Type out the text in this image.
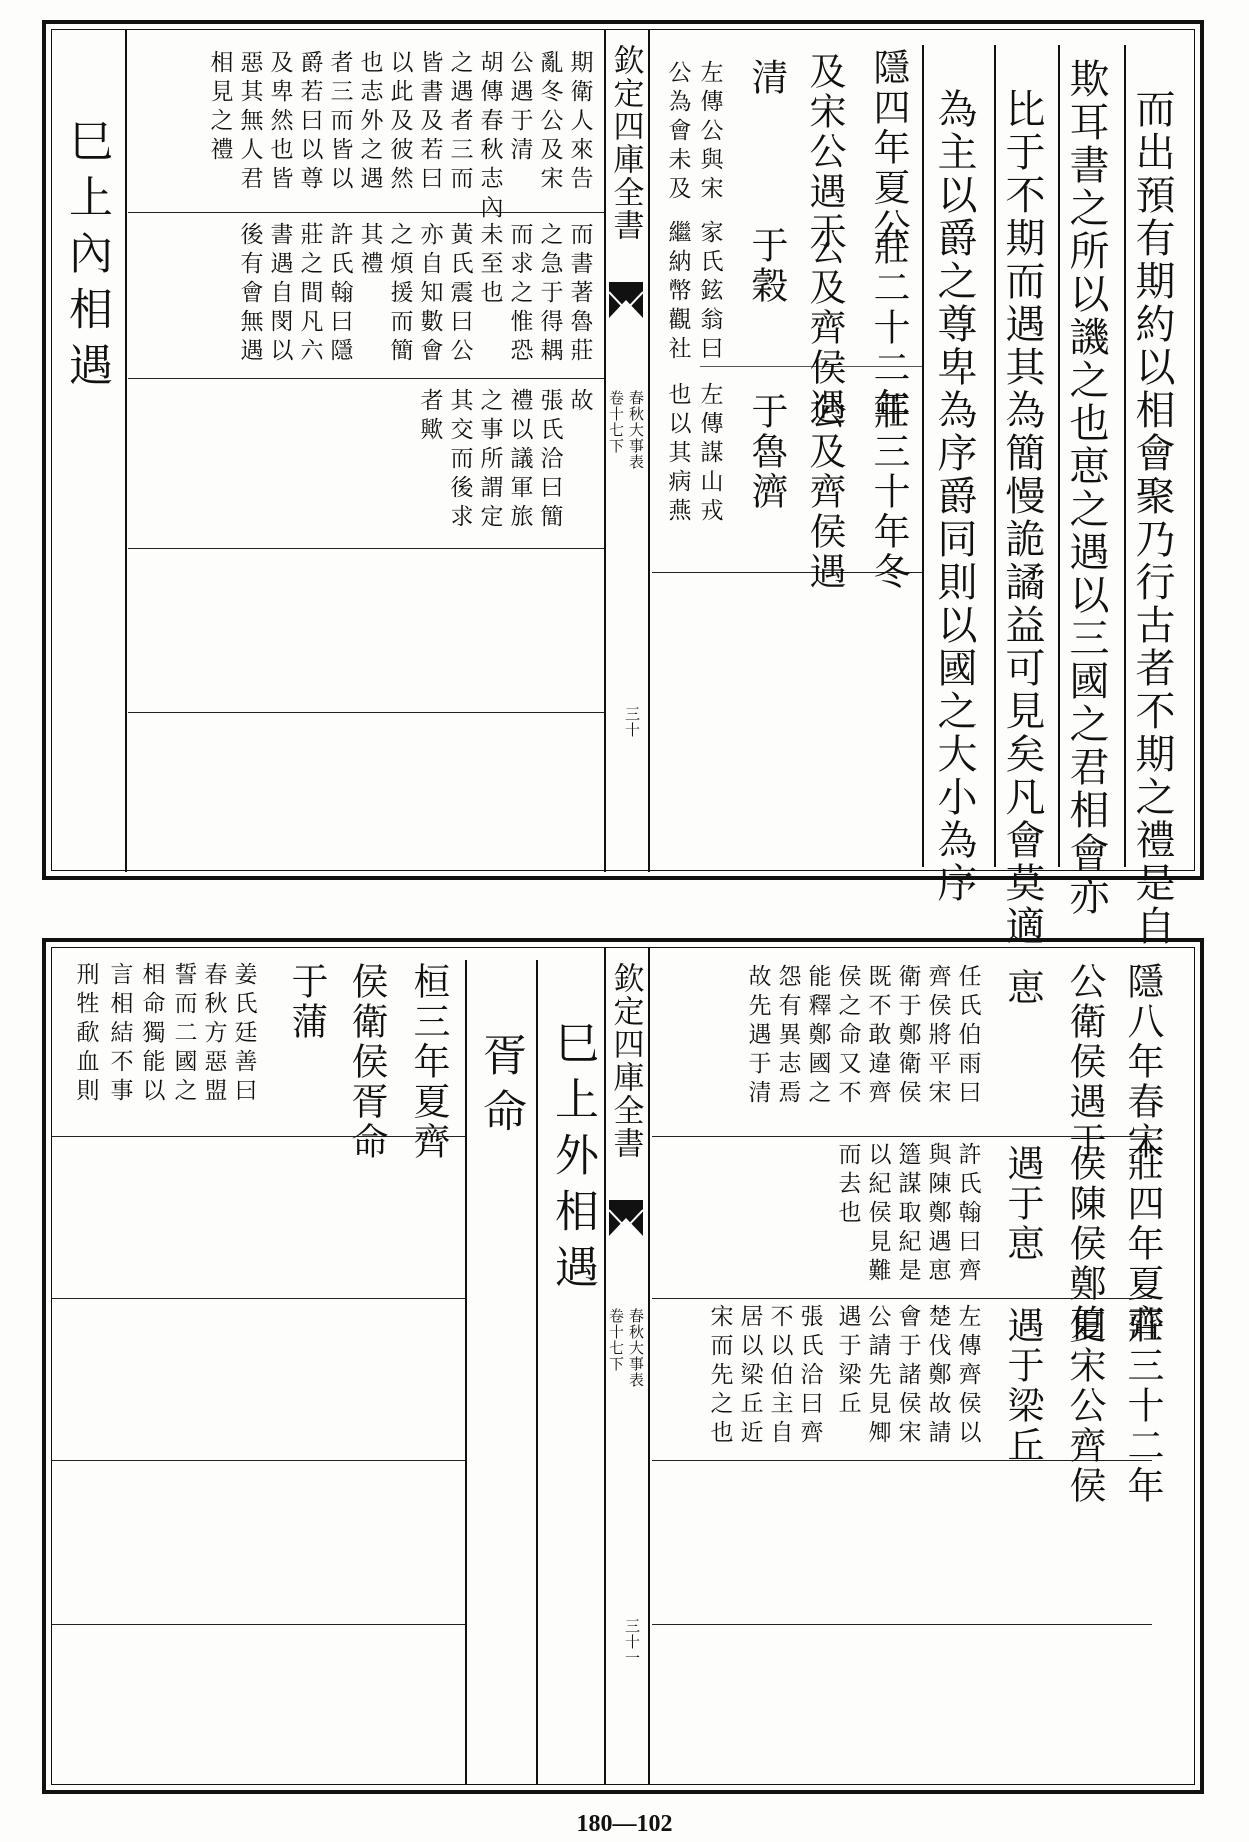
而出預有期約以相會聚乃行古者不期之禮是自
欺耳書之所以譏之也𠅤之遇以三國之君相會亦
比于不期而遇其為簡慢詭譎益可見矣凡會莫適
為主以爵之尊卑為序爵同則以國之大小為序
隱四年夏公
莊二十二年
莊三十年冬
及宋公遇于
公及齊侯遇
公及齊侯遇
清
于穀
于魯濟
左傳公與宋
家氏鉉翁曰
左傳謀山戎
公為會未及
繼納幣觀社
也以其病燕
欽定四庫全書
春秋大事表
卷十七下
三十
期衛人來告
而書著魯莊
故
亂冬公及宋
之急于得耦
張氏洽曰簡
公遇于清
而求之惟恐
禮以議軍旅
胡傳春秋志內
未至也
之事所謂定
之遇者三而
黃氏震曰公
其交而後求
皆書及若曰
亦自知數會
者歟
以此及彼然
之煩援而簡
也志外之遇
其禮
者三而皆以
許氏翰曰隱
爵若曰以尊
莊之間凡六
及卑然也皆
書遇自閔以
惡其無人君
後有會無遇
相見之禮
巳上內相遇
隱八年春宋
莊四年夏齊
莊三十二年
公衛侯遇于
侯陳侯鄭伯
夏宋公齊侯
𠅤
遇于𠅤
遇于梁丘
任氏伯雨曰
齊侯將平宋
衛于鄭衛侯
既不敢違齊
侯之命又不
能釋鄭國之
怨有異志焉
故先遇于清
許氏翰曰齊
與陳鄭遇𠅤
簉謀取紀是
以紀侯見難
而去也
左傳齊侯以
楚伐鄭故請
會于諸侯宋
公請先見𡖖
遇于梁丘
張氏洽曰齊
不以伯主自
居以梁丘近
宋而先之也
欽定四庫全書
春秋大事表
卷十七下
三十一
巳上外相遇
胥命
桓三年夏齊
侯衛侯胥命
于蒲
姜氏廷善曰
春秋方惡盟
誓而二國之
相命獨能以
言相結不事
刑牲歃血則
180—102
